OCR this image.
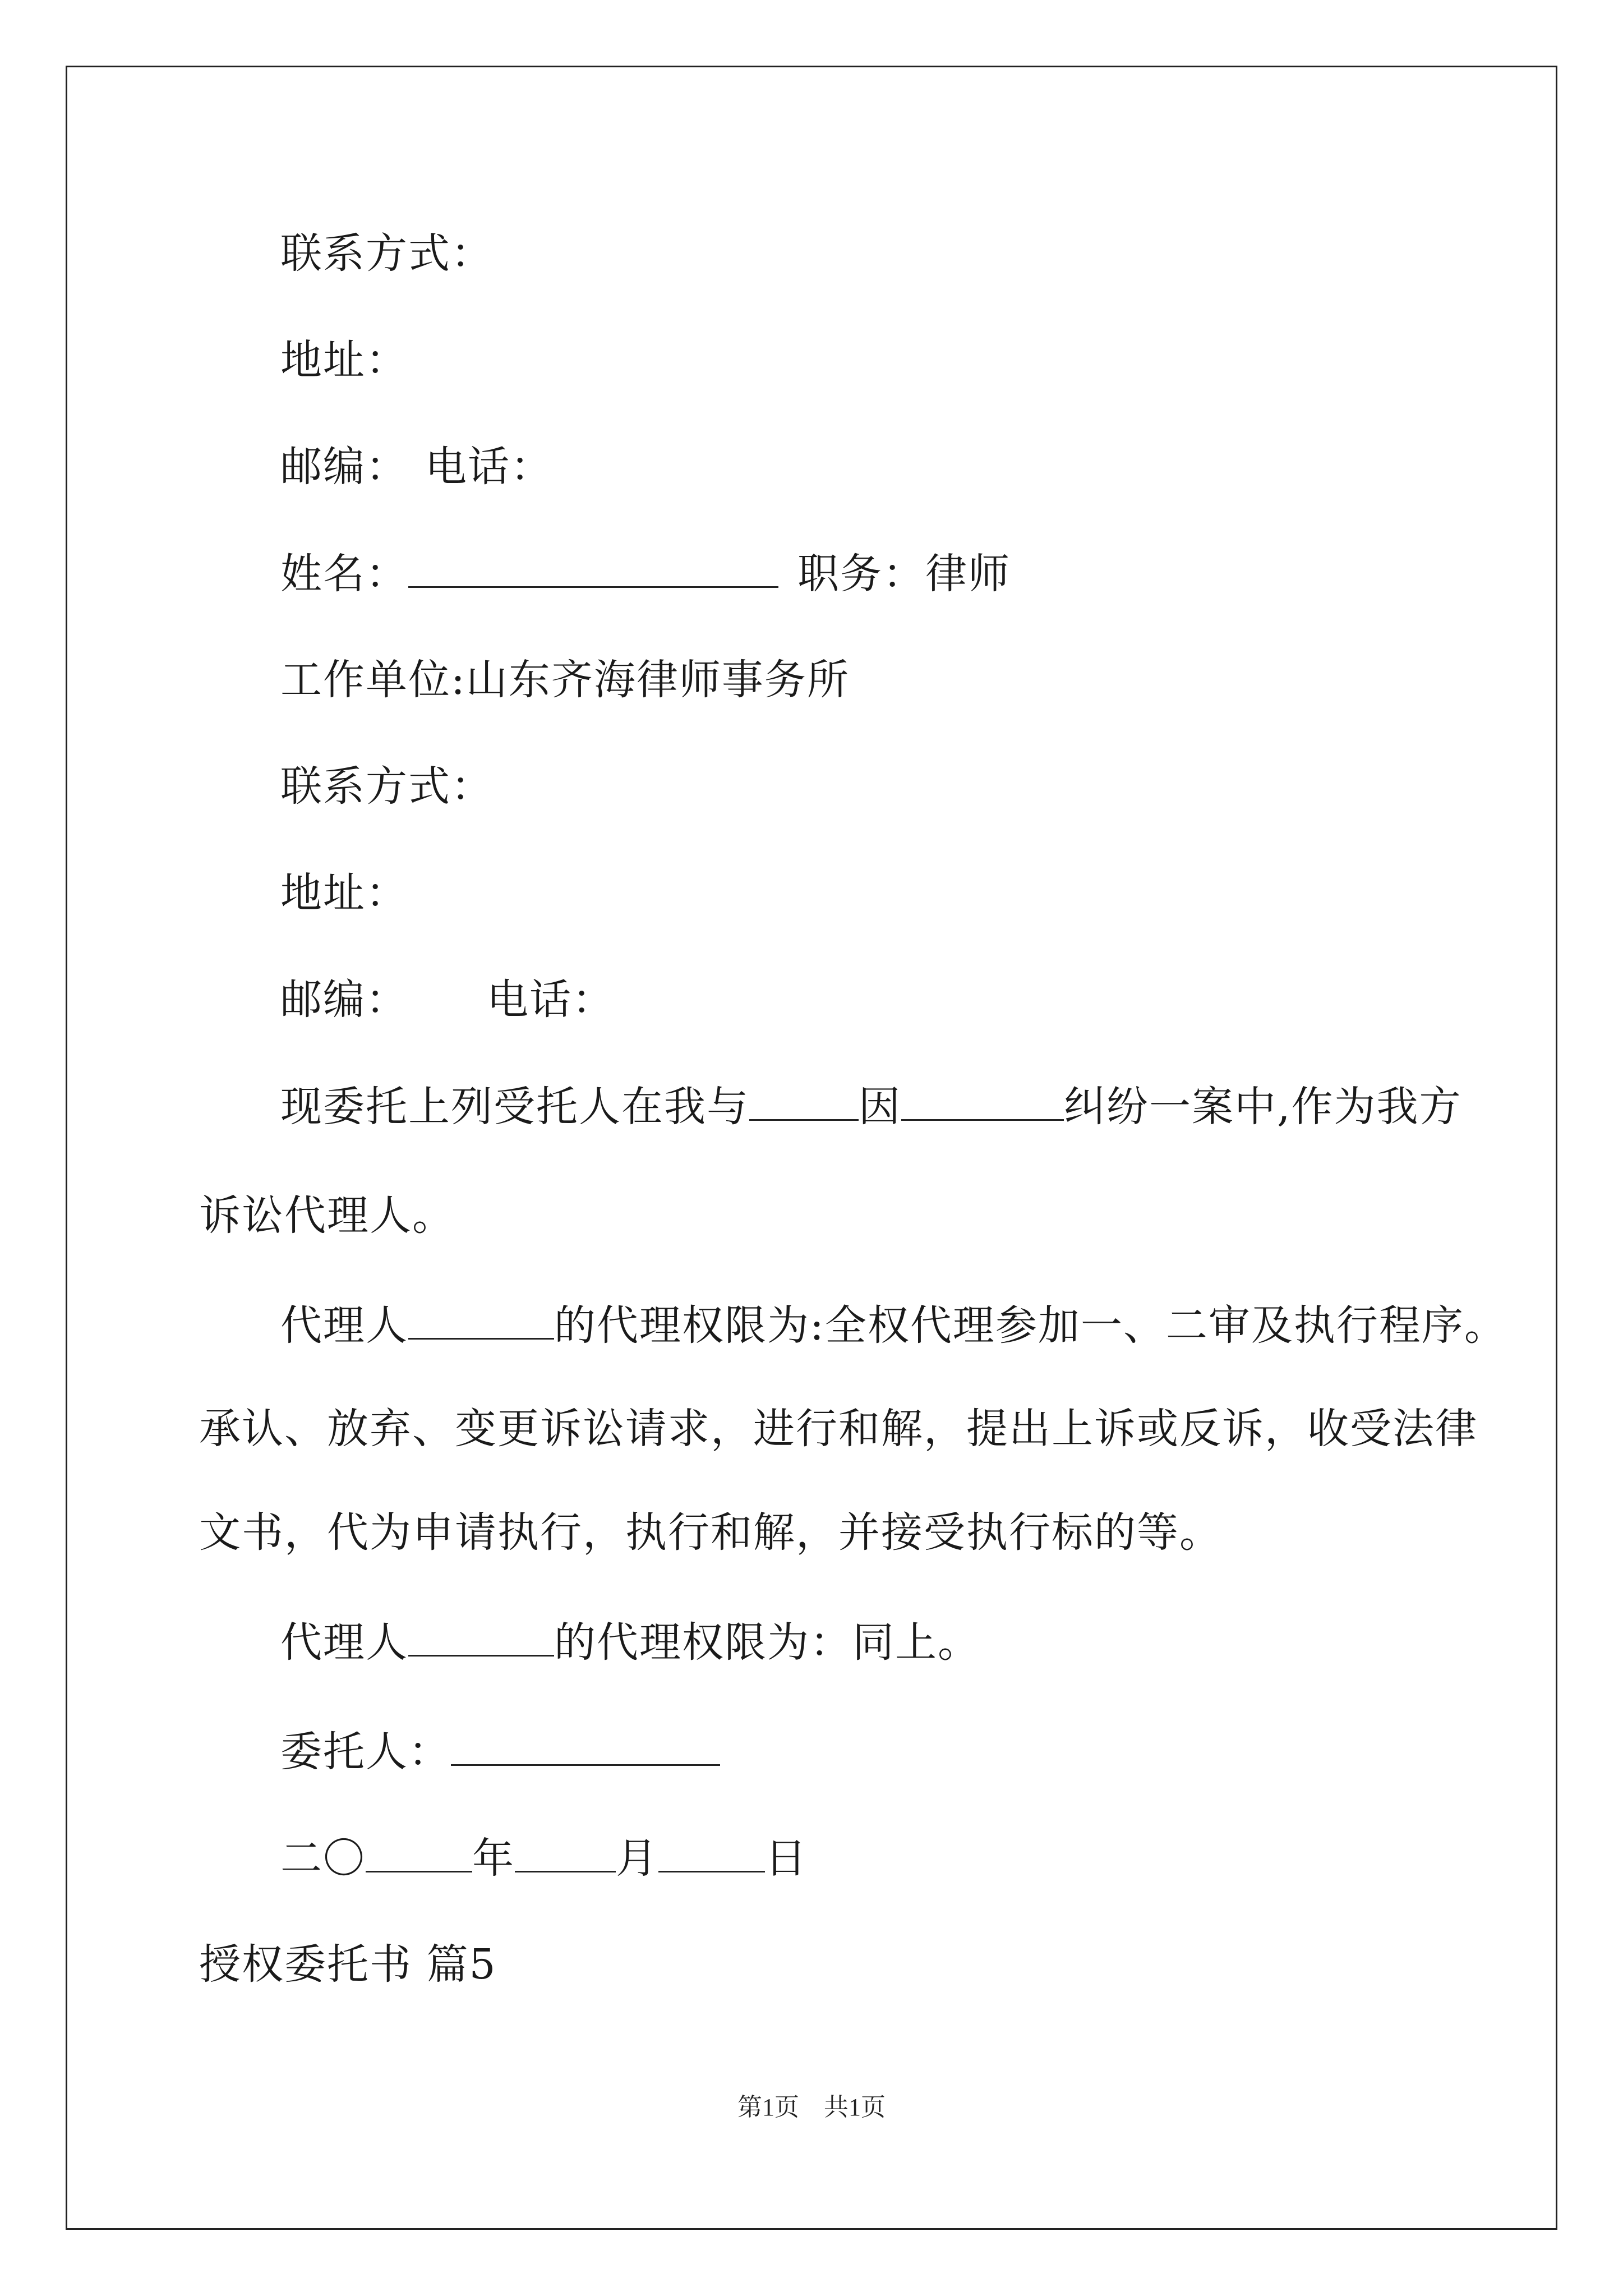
联系方式：
地址：
邮编： 电话：
姓名：	职务：律师
工作单位:山东齐海律师事务所
联系方式：
地址：
邮编： 电话：
现委托上列受托人在我与	因	纠纷一案中,作为我方
诉讼代理人。
代理人	的代理权限为:全权代理参加一、二审及执行程序。
承认、放弃、变更诉讼请求，进行和解，提出上诉或反诉，收受法律
文书，代为申请执行，执行和解，并接受执行标的等。
代理人	的代理权限为：同上。
委托人：
二〇	年 月	日
授权委托书 篇5
第1页 共1页
